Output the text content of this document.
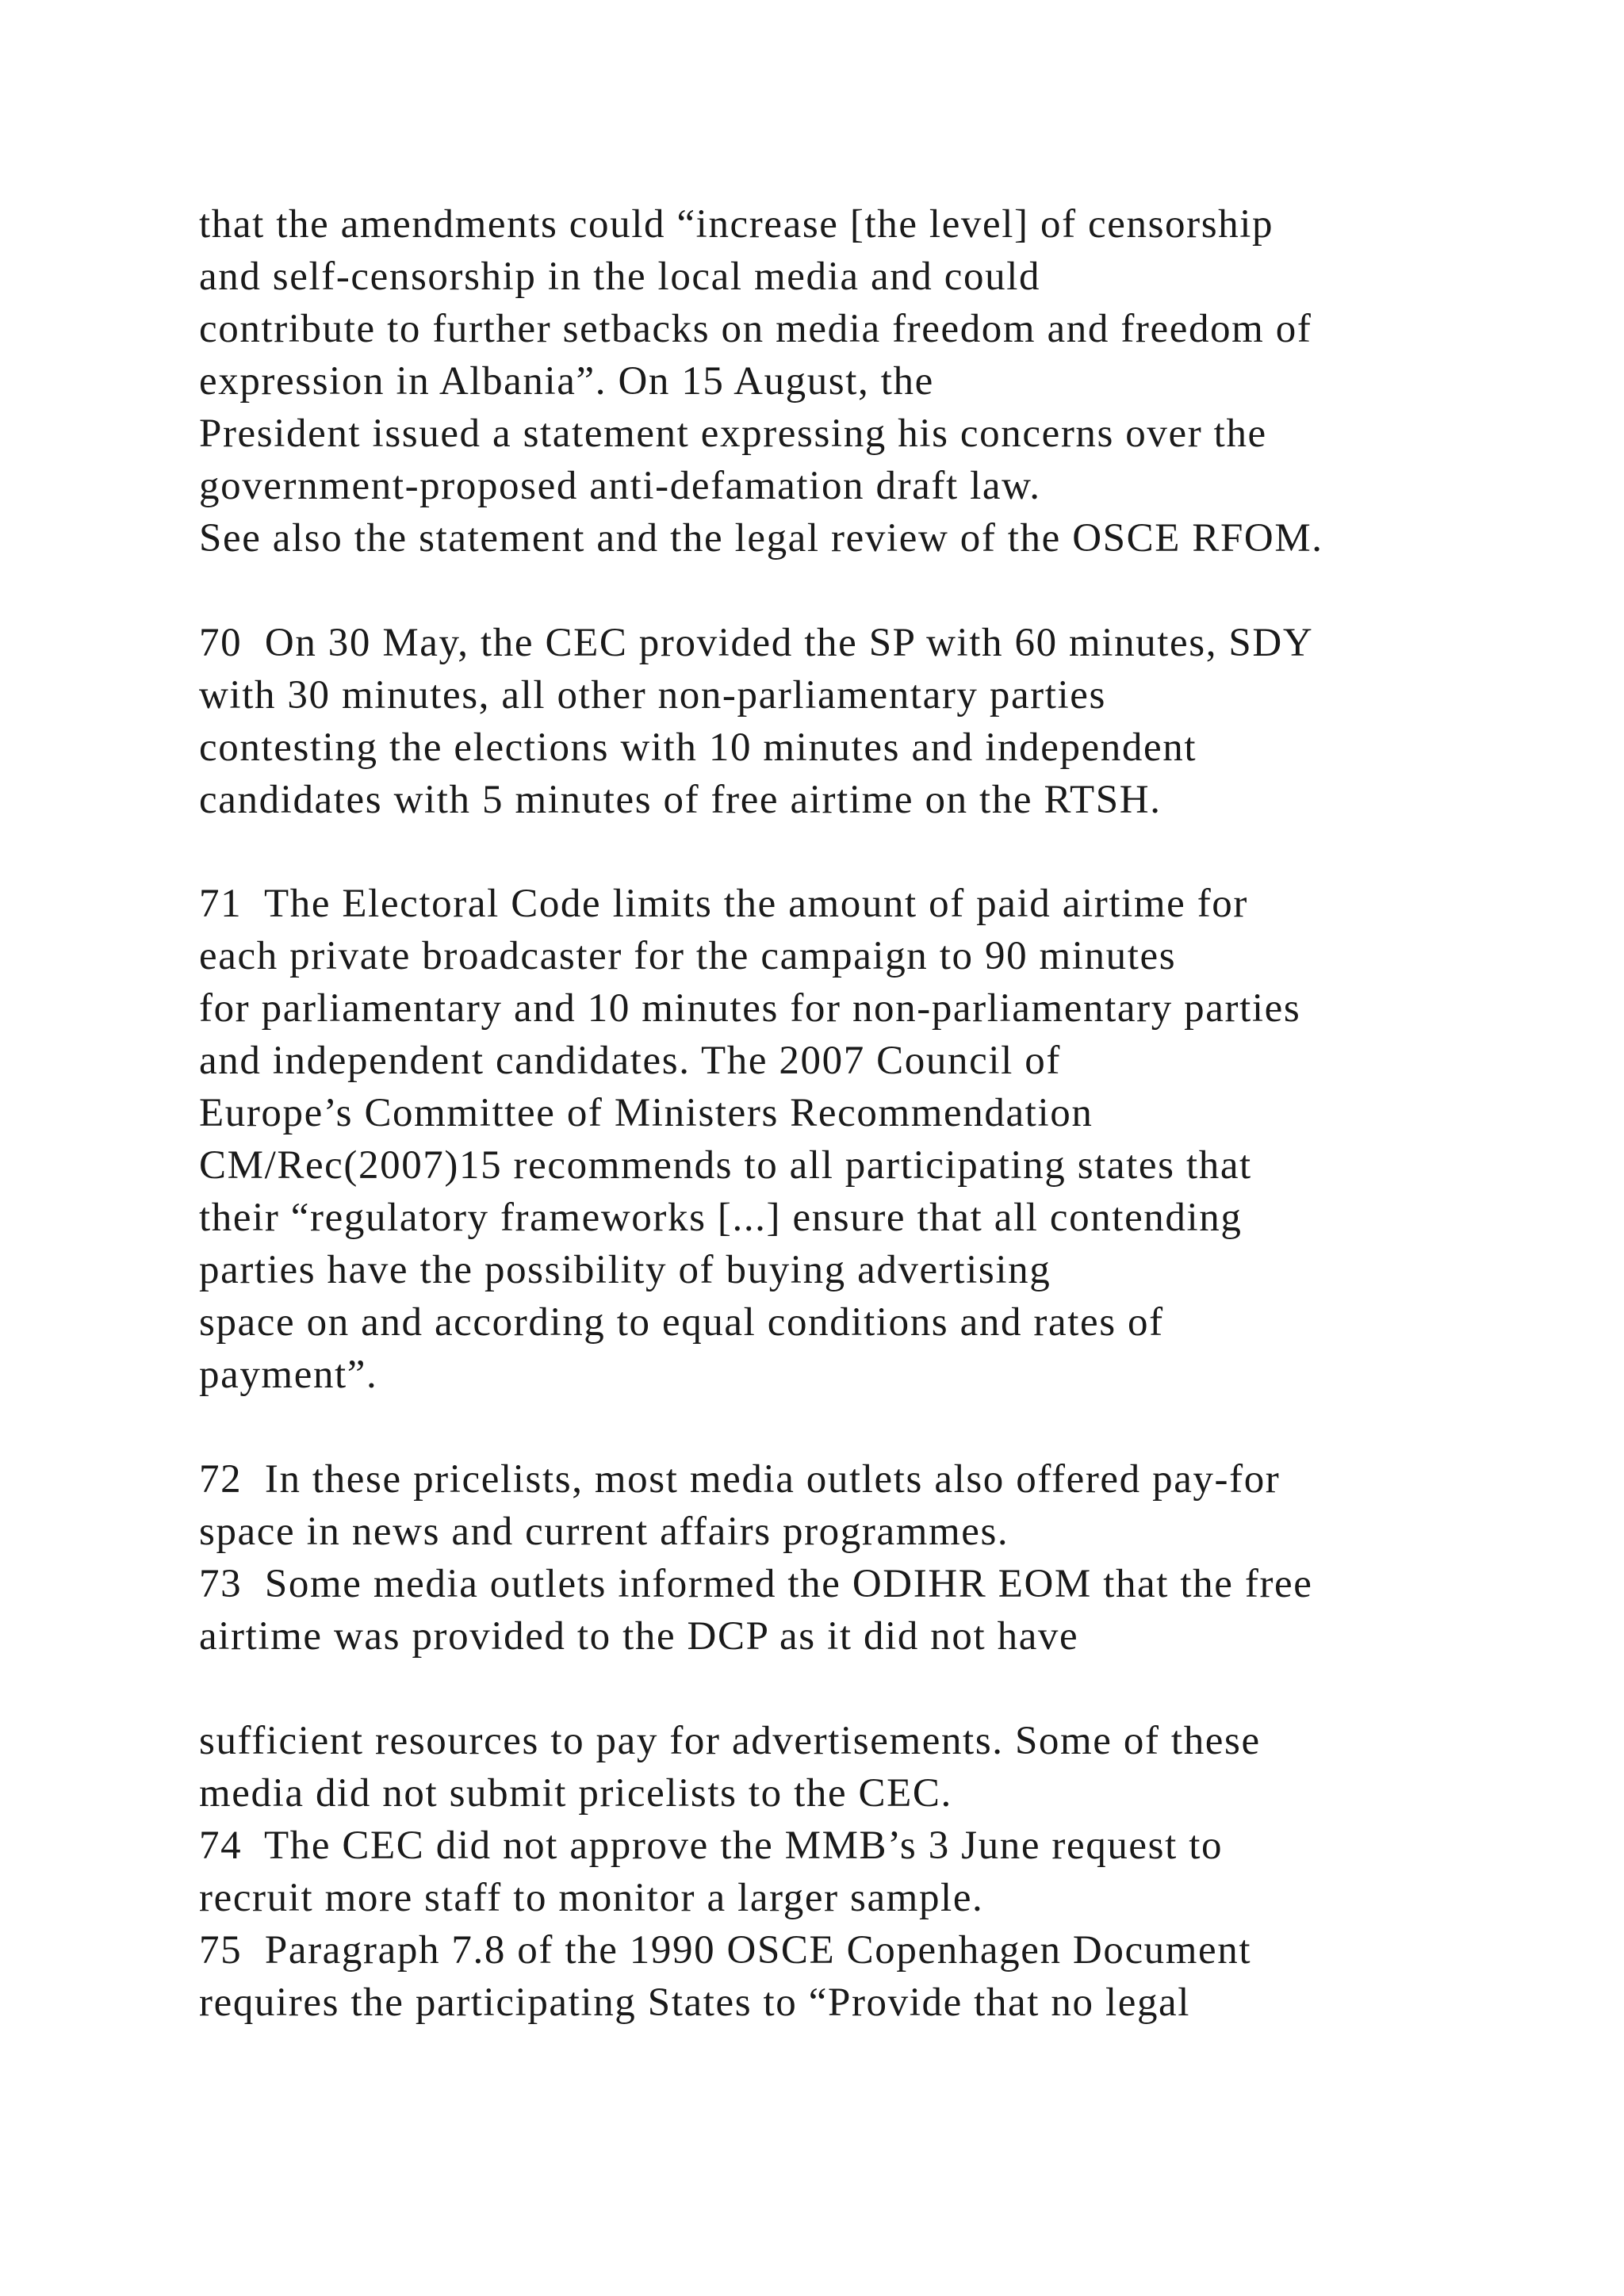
that the amendments could “increase [the level] of censorship
and self-censorship in the local media and could
contribute to further setbacks on media freedom and freedom of
expression in Albania”. On 15 August, the
President issued a statement expressing his concerns over the
government-proposed anti-defamation draft law.
See also the statement and the legal review of the OSCE RFOM.
70  On 30 May, the CEC provided the SP with 60 minutes, SDY
with 30 minutes, all other non-parliamentary parties
contesting the elections with 10 minutes and independent
candidates with 5 minutes of free airtime on the RTSH.
71  The Electoral Code limits the amount of paid airtime for
each private broadcaster for the campaign to 90 minutes
for parliamentary and 10 minutes for non-parliamentary parties
and independent candidates. The 2007 Council of
Europe’s Committee of Ministers Recommendation
CM/Rec(2007)15 recommends to all participating states that
their “regulatory frameworks [...] ensure that all contending
parties have the possibility of buying advertising
space on and according to equal conditions and rates of
payment”.
72  In these pricelists, most media outlets also offered pay-for
space in news and current affairs programmes.
73  Some media outlets informed the ODIHR EOM that the free
airtime was provided to the DCP as it did not have
sufficient resources to pay for advertisements. Some of these
media did not submit pricelists to the CEC.
74  The CEC did not approve the MMB’s 3 June request to
recruit more staff to monitor a larger sample.
75  Paragraph 7.8 of the 1990 OSCE Copenhagen Document
requires the participating States to “Provide that no legal
